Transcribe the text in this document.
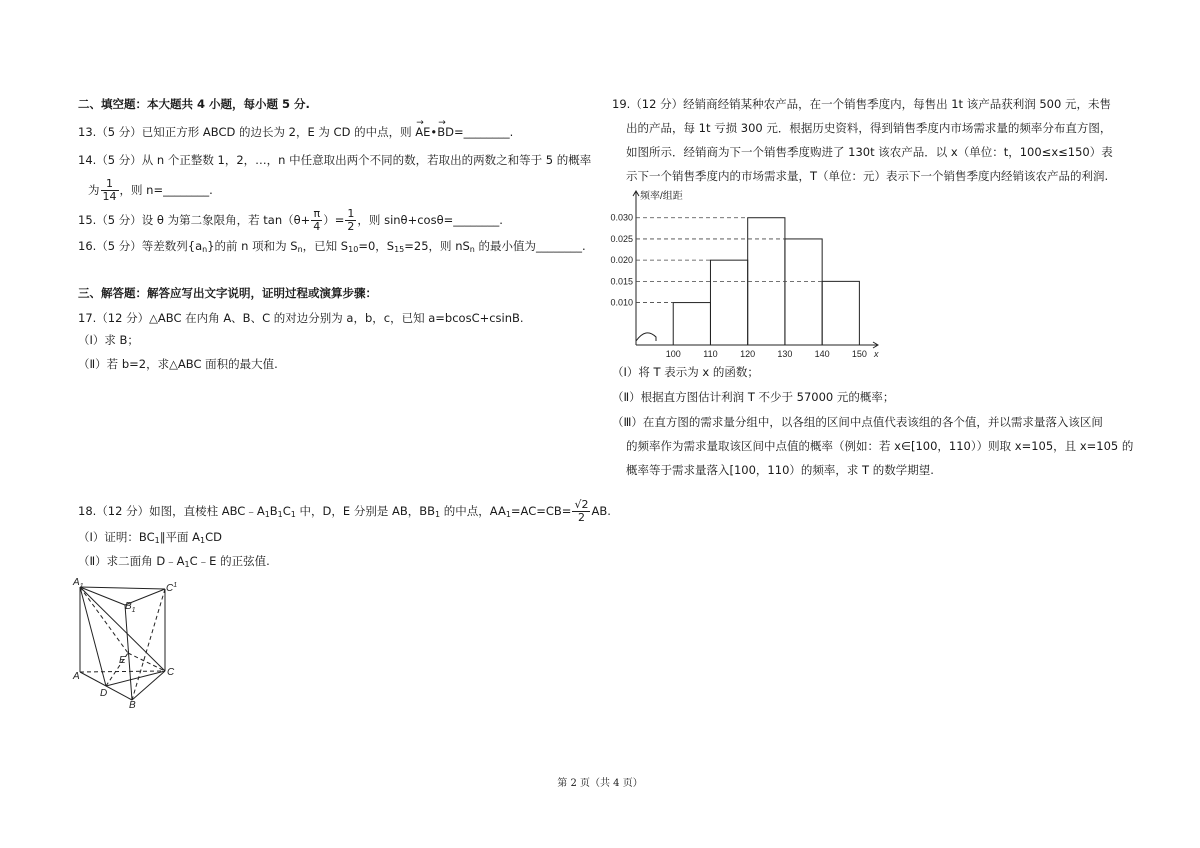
二、填空题：本大题共 4 小题，每小题 5 分.
13.（5 分）已知正方形 ABCD 的边长为 2，E 为 CD 的中点，则 → AE•→ BD=________.
14.（5 分）从 n 个正整数 1，2，…，n 中任意取出两个不同的数，若取出的两数之和等于 5 的概率
为 $\frac{1}{14}$ ，则 n=________.
15.（5 分）设 θ 为第二象限角，若 $\tan(\theta+ \frac{\pi}{4}$ ）= $\frac{1}{2}$ ，则 sinθ+cosθ=________.
16.（5 分）等差数列$\{a_n\}$的前 n 项和为 $S_n$，已知 $S_{10}=0$，$S_{15}=25$，则 $nS_n$ 的最小值为________.
三、解答题：解答应写出文字说明，证明过程或演算步骤：
17.（12 分）△ABC 在内角 A、B、C 的对边分别为 a，b，c，已知 a=bcosC+csinB.
（Ⅰ）求 B；
（Ⅱ）若 b=2，求△ABC 面积的最大值.
18.（12 分）如图，直棱柱 $ABC﹣A_1B_1C_1$ 中，D，E 分别是 AB，$BB_1$ 的中点，$AA_1=AC=CB= \frac{√2}{2}$ AB.
（Ⅰ）证明：$BC_1\parallel$平面 $A_1CD$
（Ⅱ）求二面角 $D﹣A_1C﹣E$ 的正弦值.
$A_1$
$B_1$
$C^1$
A
B
C
D
E
19.（12 分）经销商经销某种农产品，在一个销售季度内，每售出 1t 该产品获利润 500 元，未售
出的产品，每 1t 亏损 300 元．根据历史资料，得到销售季度内市场需求量的频率分布直方图，
如图所示．经销商为下一个销售季度购进了 130t 该农产品．以 x（单位：t，100≤x≤150）表
示下一个销售季度内的市场需求量，T（单位：元）表示下一个销售季度内经销该农产品的利润.
0.030
0.025
0.020
0.015
0.010
100	110	120 130 140 150 x
频率/组距
（Ⅰ）将 T 表示为 x 的函数；
（Ⅱ）根据直方图估计利润 T 不少于 57000 元的概率；
（Ⅲ）在直方图的需求量分组中，以各组的区间中点值代表该组的各个值，并以需求量落入该区间
的频率作为需求量取该区间中点值的概率（例如：若 x∈[100，110））则取 x=105，且 x=105 的
概率等于需求量落入[100，110）的频率，求 T 的数学期望.
第 2 页（共 4 页）
